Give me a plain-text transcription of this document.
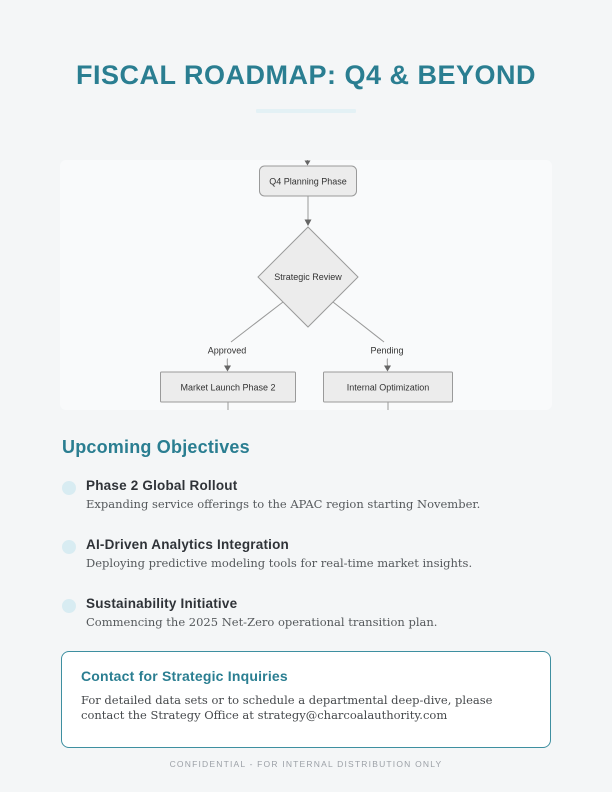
FISCAL ROADMAP: Q4 & BEYOND
Q4 Planning Phase
Strategic Review
Approved	Pending
Market Launch Phase 2	Internal Optimization
Upcoming Objectives
Phase 2 Global Rollout
Expanding service offerings to the APAC region starting November.
AI-Driven Analytics Integration
Deploying predictive modeling tools for real-time market insights.
Sustainability Initiative
Commencing the 2025 Net-Zero operational transition plan.
Contact for Strategic Inquiries

For detailed data sets or to schedule a departmental deep-dive, please contact the Strategy Office at strategy@charcoalauthority.com

CONFIDENTIAL - FOR INTERNAL DISTRIBUTION ONLY
